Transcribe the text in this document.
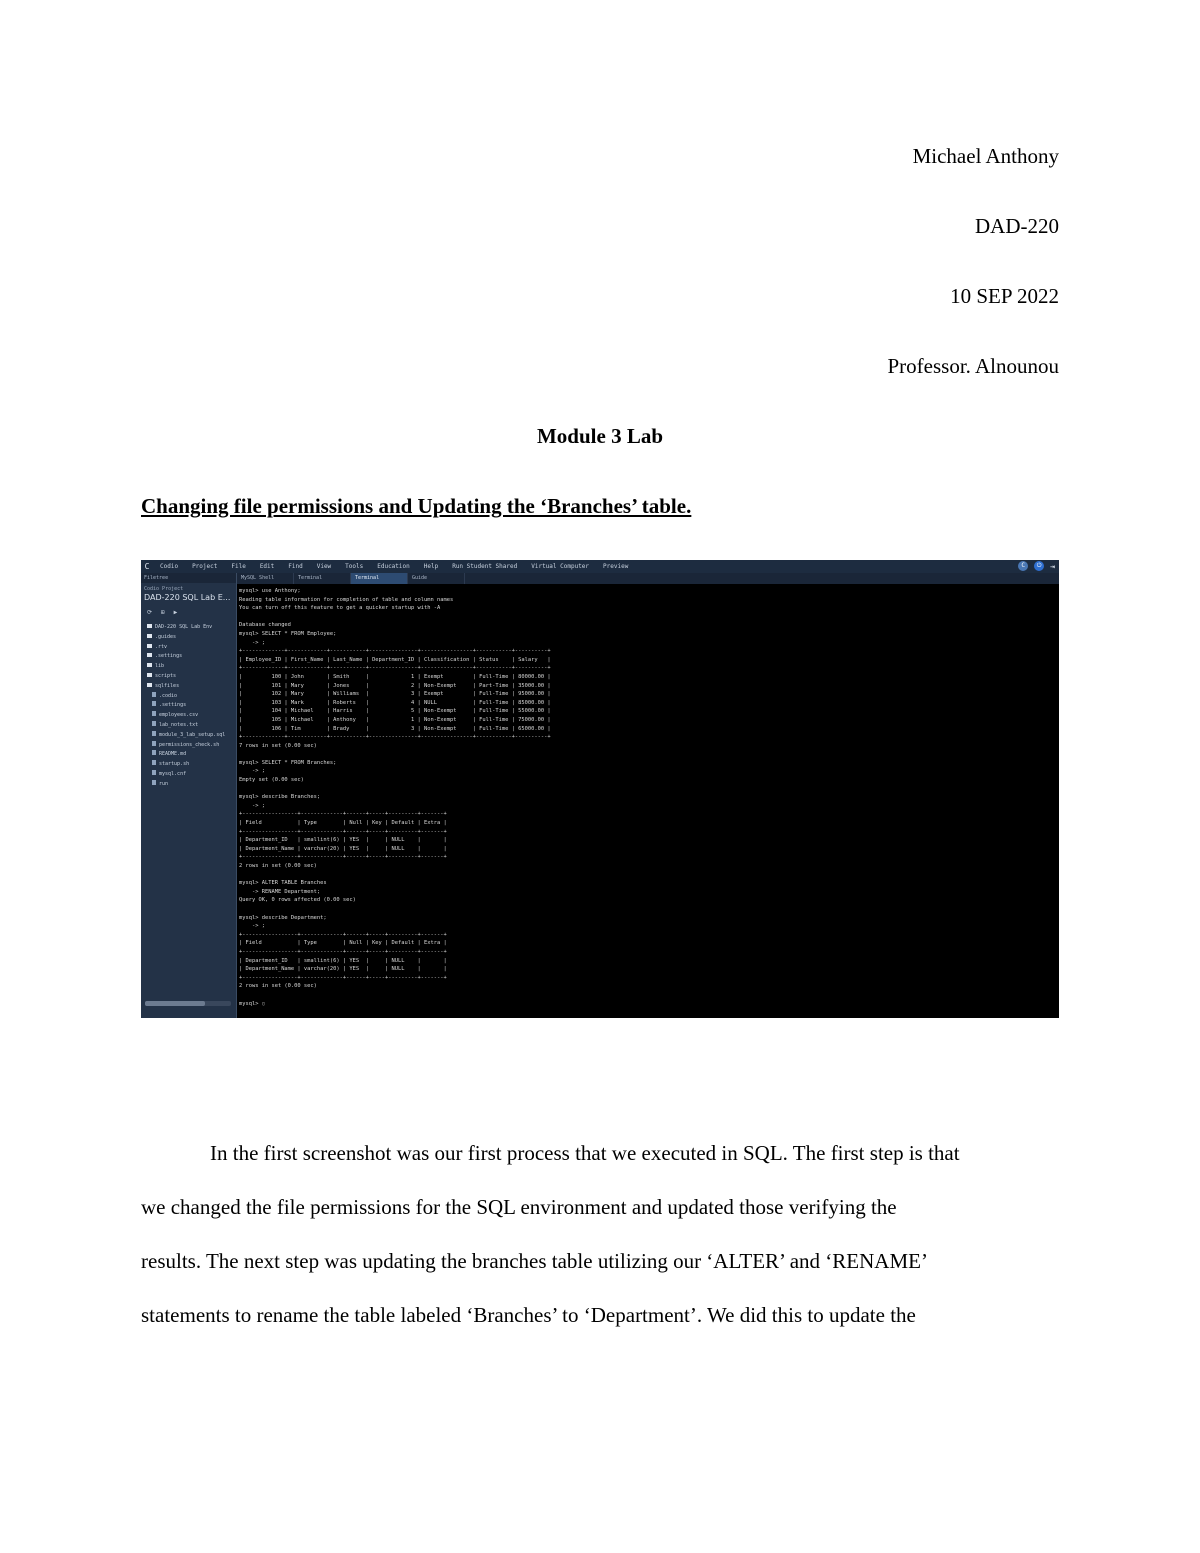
Michael Anthony
DAD-220
10 SEP 2022
Professor. Alnounou
Module 3 Lab
Changing file permissions and Updating the ‘Branches’ table.
C	Codio Project File Edit Find View Tools Education Help Run Student Shared Virtual Computer Preview	C	⏻	⇥
Filetree
Codio Project
DAD-220 SQL Lab E...
⟳ ⊞ ▶
DAD-220 SQL Lab Env
.guides
.rtv
.settings
lib
scripts
sqlfiles
.codio
.settings
employees.csv
lab_notes.txt
module_3_lab_setup.sql
permissions_check.sh
README.md
startup.sh
mysql.cnf
run
MySQL Shell	Terminal	Terminal	Guide
mysql> use Anthony;
Reading table information for completion of table and column names
You can turn off this feature to get a quicker startup with -A

Database changed
mysql> SELECT * FROM Employee;
-> ;
+-------------+------------+-----------+---------------+----------------+-----------+----------+
| Employee_ID | First_Name | Last_Name | Department_ID | Classification | Status    | Salary   |
+-------------+------------+-----------+---------------+----------------+-----------+----------+
|         100 | John       | Smith     |             1 | Exempt         | Full-Time | 80000.00 |
|         101 | Mary       | Jones     |             2 | Non-Exempt     | Part-Time | 35000.00 |
|         102 | Mary       | Williams  |             3 | Exempt         | Full-Time | 95000.00 |
|         103 | Mark       | Roberts   |             4 | NULL           | Full-Time | 85000.00 |
|         104 | Michael    | Harris    |             5 | Non-Exempt     | Full-Time | 55000.00 |
|         105 | Michael    | Anthony   |             1 | Non-Exempt     | Full-Time | 75000.00 |
|         106 | Tim        | Brady     |             3 | Non-Exempt     | Full-Time | 65000.00 |
+-------------+------------+-----------+---------------+----------------+-----------+----------+
7 rows in set (0.00 sec)

mysql> SELECT * FROM Branches;
-> ;
Empty set (0.00 sec)

mysql> describe Branches;
-> ;
+-----------------+-------------+------+-----+---------+-------+
| Field           | Type        | Null | Key | Default | Extra |
+-----------------+-------------+------+-----+---------+-------+
| Department_ID   | smallint(6) | YES  |     | NULL    |       |
| Department_Name | varchar(20) | YES  |     | NULL    |       |
+-----------------+-------------+------+-----+---------+-------+
2 rows in set (0.00 sec)

mysql> ALTER TABLE Branches
-> RENAME Department;
Query OK, 0 rows affected (0.00 sec)

mysql> describe Department;
-> ;
+-----------------+-------------+------+-----+---------+-------+
| Field           | Type        | Null | Key | Default | Extra |
+-----------------+-------------+------+-----+---------+-------+
| Department_ID   | smallint(6) | YES  |     | NULL    |       |
| Department_Name | varchar(20) | YES  |     | NULL    |       |
+-----------------+-------------+------+-----+---------+-------+
2 rows in set (0.00 sec)

mysql> ▯

In the first screenshot was our first process that we executed in SQL. The first step is that

we changed the file permissions for the SQL environment and updated those verifying the

results. The next step was updating the branches table utilizing our ‘ALTER’ and ‘RENAME’

statements to rename the table labeled ‘Branches’ to ‘Department’. We did this to update the
